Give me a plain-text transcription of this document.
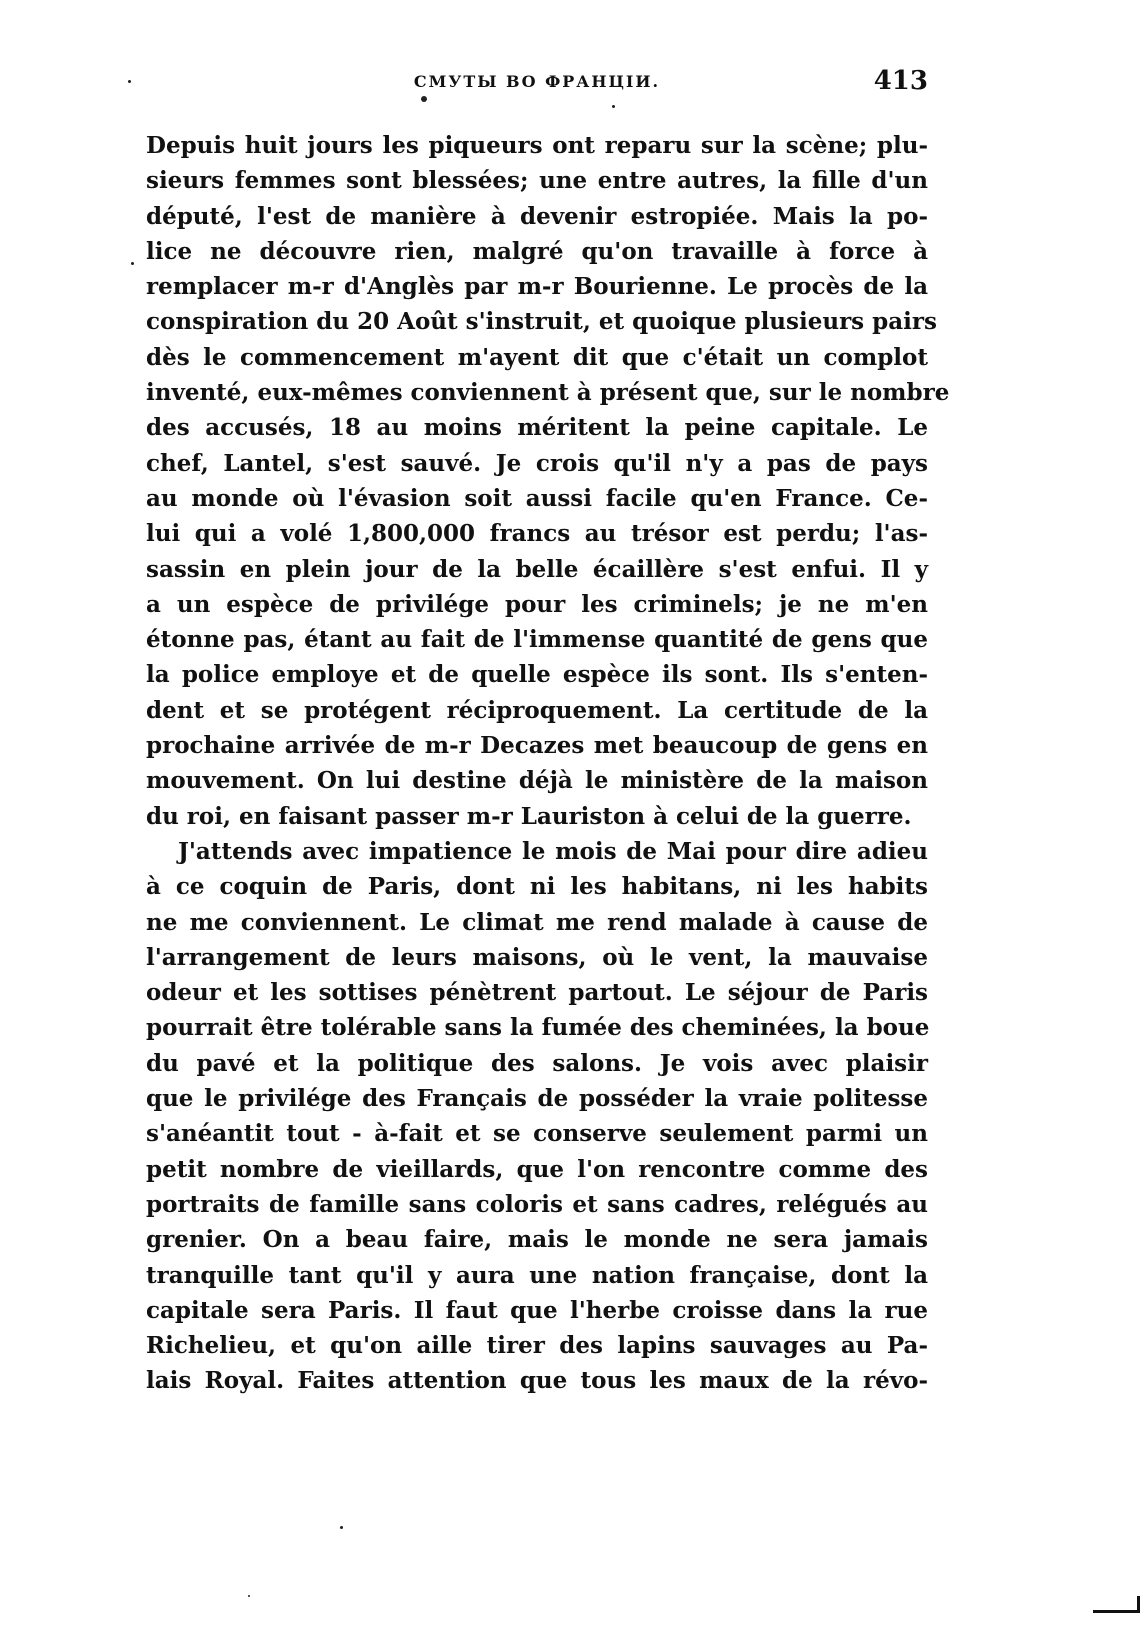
СМУТЫ ВО ФРАНЦІИ.	413
Depuis huit jours les piqueurs ont reparu sur la scène; plu-
sieurs femmes sont blessées; une entre autres, la fille d'un
député, l'est de manière à devenir estropiée. Mais la po-
lice ne découvre rien, malgré qu'on travaille à force à
remplacer m-r d'Anglès par m-r Bourienne. Le procès de la
conspiration du 20 Août s'instruit, et quoique plusieurs pairs
dès le commencement m'ayent dit que c'était un complot
inventé, eux-mêmes conviennent à présent que, sur le nombre
des accusés, 18 au moins méritent la peine capitale. Le
chef, Lantel, s'est sauvé. Je crois qu'il n'y a pas de pays
au monde où l'évasion soit aussi facile qu'en France. Ce-
lui qui a volé 1,800,000 francs au trésor est perdu; l'as-
sassin en plein jour de la belle écaillère s'est enfui. Il y
a un espèce de privilége pour les criminels; je ne m'en
étonne pas, étant au fait de l'immense quantité de gens que
la police employe et de quelle espèce ils sont. Ils s'enten-
dent et se protégent réciproquement. La certitude de la
prochaine arrivée de m-r Decazes met beaucoup de gens en
mouvement. On lui destine déjà le ministère de la maison
du roi, en faisant passer m-r Lauriston à celui de la guerre.
J'attends avec impatience le mois de Mai pour dire adieu
à ce coquin de Paris, dont ni les habitans, ni les habits
ne me conviennent. Le climat me rend malade à cause de
l'arrangement de leurs maisons, où le vent, la mauvaise
odeur et les sottises pénètrent partout. Le séjour de Paris
pourrait être tolérable sans la fumée des cheminées, la boue
du pavé et la politique des salons. Je vois avec plaisir
que le privilége des Français de posséder la vraie politesse
s'anéantit tout - à-fait et se conserve seulement parmi un
petit nombre de vieillards, que l'on rencontre comme des
portraits de famille sans coloris et sans cadres, relégués au
grenier. On a beau faire, mais le monde ne sera jamais
tranquille tant qu'il y aura une nation française, dont la
capitale sera Paris. Il faut que l'herbe croisse dans la rue
Richelieu, et qu'on aille tirer des lapins sauvages au Pa-
lais Royal. Faites attention que tous les maux de la révo-
